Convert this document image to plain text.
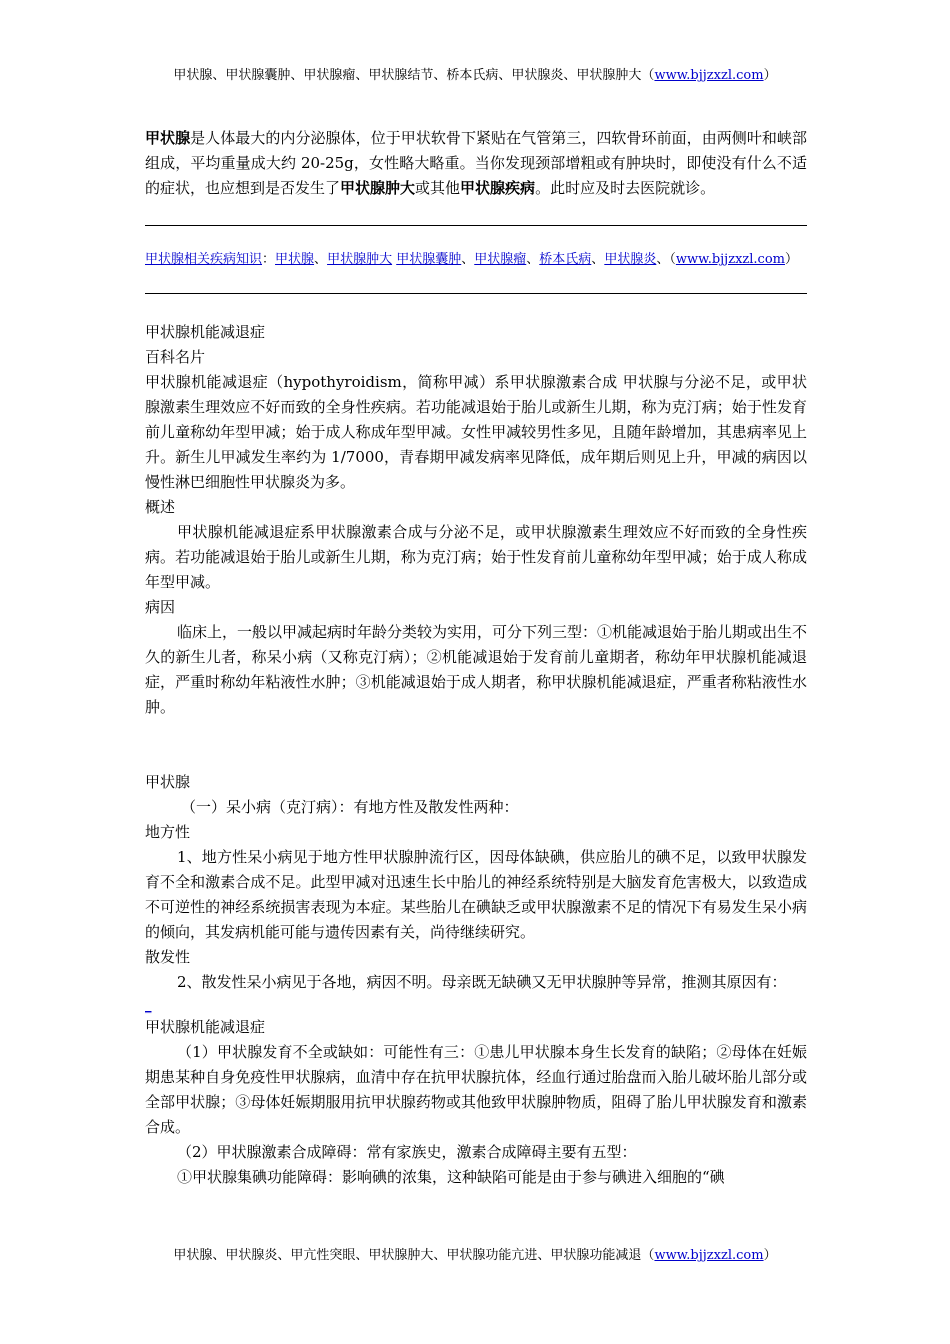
甲状腺、甲状腺囊肿、甲状腺瘤、甲状腺结节、桥本氏病、甲状腺炎、甲状腺肿大（www.bjjzxzl.com）

甲状腺是人体最大的内分泌腺体，位于甲状软骨下紧贴在气管第三，四软骨环前面，由两侧叶和峡部组成，平均重量成大约 20-25g，女性略大略重。当你发现颈部增粗或有肿块时，即使没有什么不适的症状，也应想到是否发生了甲状腺肿大或其他甲状腺疾病。此时应及时去医院就诊。

甲状腺相关疾病知识：甲状腺、甲状腺肿大 甲状腺囊肿、甲状腺瘤、桥本氏病、甲状腺炎、（www.bjjzxzl.com）

甲状腺机能减退症

百科名片

甲状腺机能减退症（hypothyroidism，简称甲减）系甲状腺激素合成 甲状腺与分泌不足，或甲状腺激素生理效应不好而致的全身性疾病。若功能减退始于胎儿或新生儿期，称为克汀病；始于性发育前儿童称幼年型甲减；始于成人称成年型甲减。女性甲减较男性多见，且随年龄增加，其患病率见上升。新生儿甲减发生率约为 1/7000，青春期甲减发病率见降低，成年期后则见上升，甲减的病因以慢性淋巴细胞性甲状腺炎为多。

概述

甲状腺机能减退症系甲状腺激素合成与分泌不足，或甲状腺激素生理效应不好而致的全身性疾病。若功能减退始于胎儿或新生儿期，称为克汀病；始于性发育前儿童称幼年型甲减；始于成人称成年型甲减。

病因

临床上，一般以甲减起病时年龄分类较为实用，可分下列三型：①机能减退始于胎儿期或出生不久的新生儿者，称呆小病（又称克汀病）；②机能减退始于发育前儿童期者，称幼年甲状腺机能减退症，严重时称幼年粘液性水肿；③机能减退始于成人期者，称甲状腺机能减退症，严重者称粘液性水肿。

甲状腺

（一）呆小病（克汀病）：有地方性及散发性两种：

地方性

1、地方性呆小病见于地方性甲状腺肿流行区，因母体缺碘，供应胎儿的碘不足，以致甲状腺发育不全和激素合成不足。此型甲减对迅速生长中胎儿的神经系统特别是大脑发育危害极大，以致造成不可逆性的神经系统损害表现为本症。某些胎儿在碘缺乏或甲状腺激素不足的情况下有易发生呆小病的倾向，其发病机能可能与遗传因素有关，尚待继续研究。

散发性

2、散发性呆小病见于各地，病因不明。母亲既无缺碘又无甲状腺肿等异常，推测其原因有：

_

甲状腺机能减退症

（1）甲状腺发育不全或缺如：可能性有三：①患儿甲状腺本身生长发育的缺陷；②母体在妊娠期患某种自身免疫性甲状腺病，血清中存在抗甲状腺抗体，经血行通过胎盘而入胎儿破坏胎儿部分或全部甲状腺；③母体妊娠期服用抗甲状腺药物或其他致甲状腺肿物质，阻碍了胎儿甲状腺发育和激素合成。

（2）甲状腺激素合成障碍：常有家族史，激素合成障碍主要有五型：

①甲状腺集碘功能障碍：影响碘的浓集，这种缺陷可能是由于参与碘进入细胞的“碘

甲状腺、甲状腺炎、甲亢性突眼、甲状腺肿大、甲状腺功能亢进、甲状腺功能减退（www.bjjzxzl.com）
